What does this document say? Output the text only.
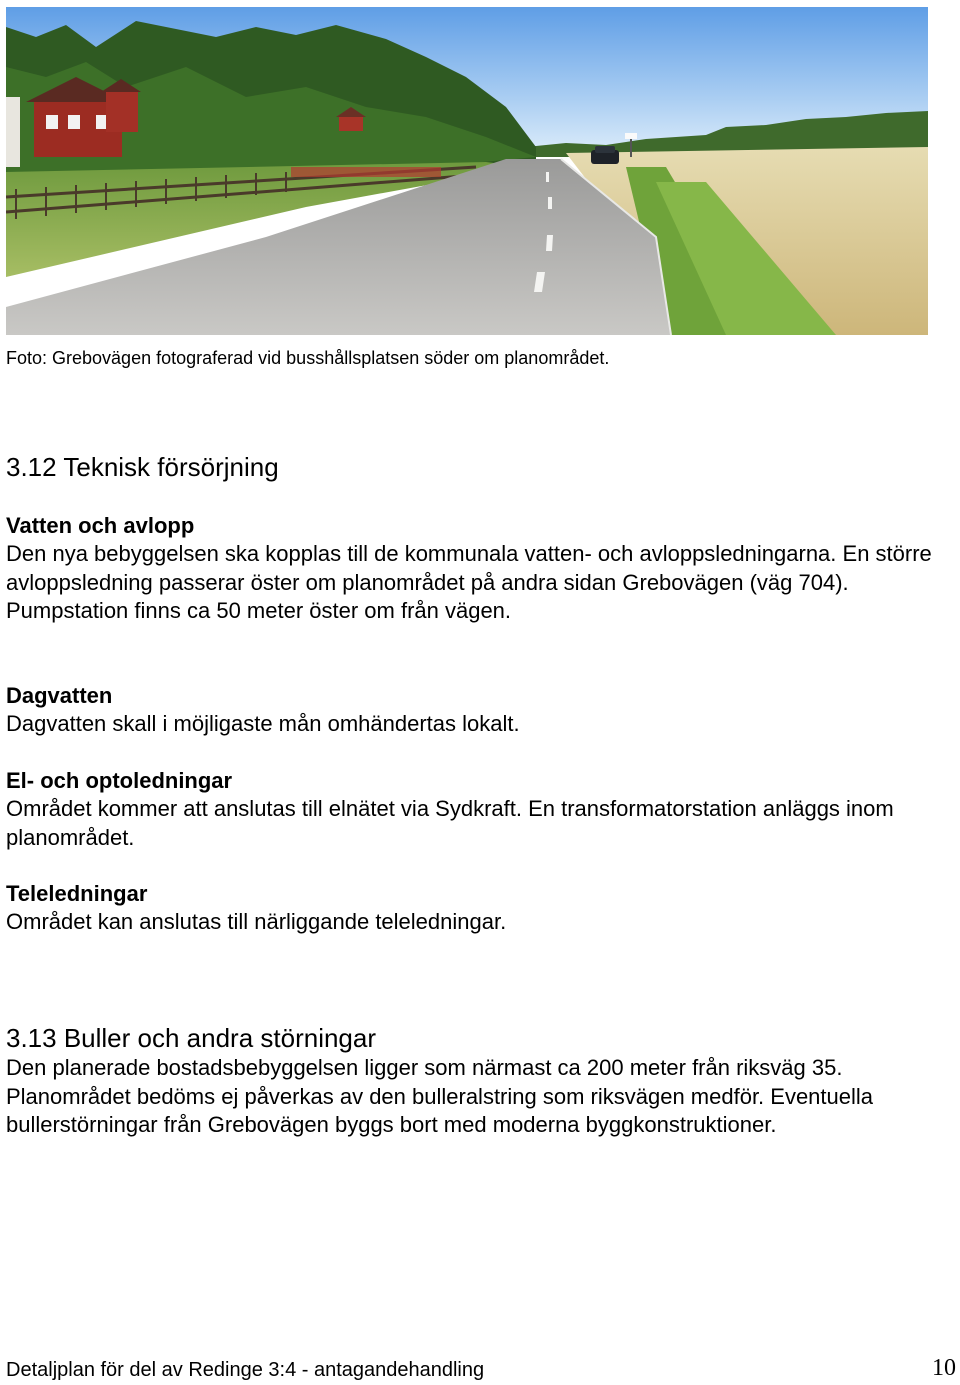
Foto: Grebovägen fotograferad vid busshållsplatsen söder om planområdet.
3.12 Teknisk försörjning
Vatten och avlopp
Den nya bebyggelsen ska kopplas till de kommunala vatten- och avloppsledningarna. En större avloppsledning passerar öster om planområdet på andra sidan Grebovägen (väg 704). Pumpstation finns ca 50 meter öster om från vägen.
Dagvatten
Dagvatten skall i möjligaste mån omhändertas lokalt.
El- och optoledningar
Området kommer att anslutas till elnätet via Sydkraft. En transformatorstation anläggs inom planområdet.
Teleledningar
Området kan anslutas till närliggande teleledningar.
3.13 Buller och andra störningar
Den planerade bostadsbebyggelsen ligger som närmast ca 200 meter från riksväg 35. Planområdet bedöms ej påverkas av den bulleralstring som riksvägen medför. Eventuella bullerstörningar från Grebovägen byggs bort med moderna byggkonstruktioner.
Detaljplan för del av Redinge 3:4 - antagandehandling	10
